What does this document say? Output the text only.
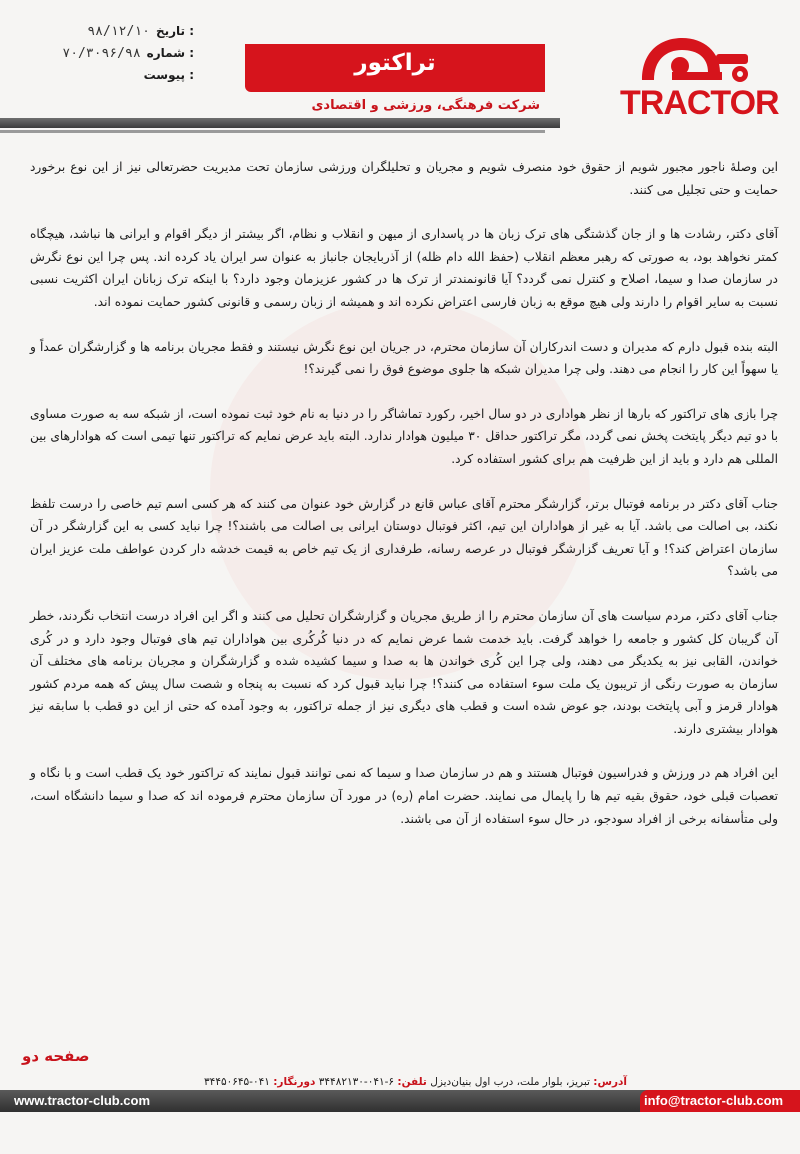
۹۸/۱۲/۱۰ تاریخ :
۷۰/۳۰۹۶/۹۸ شماره :
پیوست :	تراکتور
شرکت فرهنگی، ورزشی و اقتصادی TRACTOR

این وصلهٔ ناجور مجبور شویم از حقوق خود منصرف شویم و مجریان و تحلیلگران ورزشی سازمان تحت مدیریت حضرتعالی نیز از این نوع برخورد حمایت و حتی تجلیل می کنند.

آقای دکتر، رشادت ها و از جان گذشتگی های ترک زبان ها در پاسداری از میهن و انقلاب و نظام، اگر بیشتر از دیگر اقوام و ایرانی ها نباشد، هیچگاه کمتر نخواهد بود، به صورتی که رهبر معظم انقلاب (حفظ الله دام ظله) از آذربایجان جانباز به عنوان سر ایران یاد کرده اند. پس چرا این نوع نگرش در سازمان صدا و سیما، اصلاح و کنترل نمی گردد؟ آیا قانونمندتر از ترک ها در کشور عزیزمان وجود دارد؟ با اینکه ترک زبانان ایران اکثریت نسبی نسبت به سایر اقوام را دارند ولی هیچ موقع به زبان فارسی اعتراض نکرده اند و همیشه از زبان رسمی و قانونی کشور حمایت نموده اند.

البته بنده قبول دارم که مدیران و دست اندرکاران آن سازمان محترم، در جریان این نوع نگرش نیستند و فقط مجریان برنامه ها و گزارشگران عمداً و یا سهواً این کار را انجام می دهند. ولی چرا مدیران شبکه ها جلوی موضوع فوق را نمی گیرند؟!

چرا بازی های تراکتور که بارها از نظر هواداری در دو سال اخیر، رکورد تماشاگر را در دنیا به نام خود ثبت نموده است، از شبکه سه به صورت مساوی با دو تیم دیگر پایتخت پخش نمی گردد، مگر تراکتور حداقل ۳۰ میلیون هوادار ندارد. البته باید عرض نمایم که تراکتور تنها تیمی است که هوادارهای بین المللی هم دارد و باید از این ظرفیت هم برای کشور استفاده کرد.

جناب آقای دکتر در برنامه فوتبال برتر، گزارشگر محترم آقای عباس قانع در گزارش خود عنوان می کنند که هر کسی اسم تیم خاصی را درست تلفظ نکند، بی اصالت می باشد. آیا به غیر از هواداران این تیم، اکثر فوتبال دوستان ایرانی بی اصالت می باشند؟! چرا نباید کسی به این گزارشگر در آن سازمان اعتراض کند؟! و آیا تعریف گزارشگر فوتبال در عرصه رسانه، طرفداری از یک تیم خاص به قیمت خدشه دار کردن عواطف ملت عزیز ایران می باشد؟

جناب آقای دکتر، مردم سیاست های آن سازمان محترم را از طریق مجریان و گزارشگران تحلیل می کنند و اگر این افراد درست انتخاب نگردند، خطر آن گریبان کل کشور و جامعه را خواهد گرفت. باید خدمت شما عرض نمایم که در دنیا کُرکُری بین هواداران تیم های فوتبال وجود دارد و در کُری خواندن، القابی نیز به یکدیگر می دهند، ولی چرا این کُری خواندن ها به صدا و سیما کشیده شده و گزارشگران و مجریان برنامه های مختلف آن سازمان به صورت رنگی از تریبون یک ملت سوء استفاده می کنند؟! چرا نباید قبول کرد که نسبت به پنجاه و شصت سال پیش که همه مردم کشور هوادار قرمز و آبی پایتخت بودند، جو عوض شده است و قطب های دیگری نیز از جمله تراکتور، به وجود آمده که حتی از این دو قطب با سابقه نیز هوادار بیشتری دارند.

این افراد هم در ورزش و فدراسیون فوتبال هستند و هم در سازمان صدا و سیما که نمی توانند قبول نمایند که تراکتور خود یک قطب است و با نگاه و تعصبات قبلی خود، حقوق بقیه تیم ها را پایمال می نمایند. حضرت امام (ره) در مورد آن سازمان محترم فرموده اند که صدا و سیما دانشگاه است، ولی متأسفانه برخی از افراد سودجو، در حال سوء استفاده از آن می باشند.

صفحه دو
آدرس: تبریز، بلوار ملت، درب اول بنیان‌دیزل تلفن: ۶-۰۴۱-۳۴۴۸۲۱۳۰ دورنگار: ۰۴۱-۳۴۴۵۰۶۴۵
www.tractor-club.com	info@tractor-club.com
